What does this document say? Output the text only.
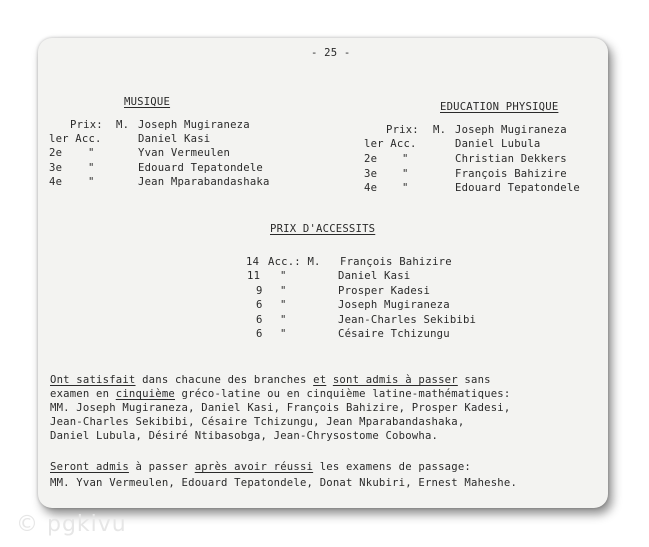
- 25 -
MUSIQUE
Prix: M. Joseph Mugiraneza
ler Acc.	Daniel Kasi
2e "	Yvan Vermeulen
3e "	Edouard Tepatondele
4e "	Jean Mparabandashaka
EDUCATION PHYSIQUE
Prix: M. Joseph Mugiraneza
ler Acc.	Daniel Lubula
2e "	Christian Dekkers
3e "	François Bahizire
4e "	Edouard Tepatondele
PRIX D'ACCESSITS
14 Acc.: M. François Bahizire
11 "	Daniel Kasi
9 "	Prosper Kadesi
6 "	Joseph Mugiraneza
6 "	Jean-Charles Sekibibi
6 "	Césaire Tchizungu
Ont satisfait dans chacune des branches et sont admis à passer sans
examen en cinquième gréco-latine ou en cinquième latine-mathématiques:
MM. Joseph Mugiraneza, Daniel Kasi, François Bahizire, Prosper Kadesi,
Jean-Charles Sekibibi, Césaire Tchizungu, Jean Mparabandashaka,
Daniel Lubula, Désiré Ntibasobga, Jean-Chrysostome Cobowha.
Seront admis à passer après avoir réussi les examens de passage:
MM. Yvan Vermeulen, Edouard Tepatondele, Donat Nkubiri, Ernest Maheshe.
© pgkivu
